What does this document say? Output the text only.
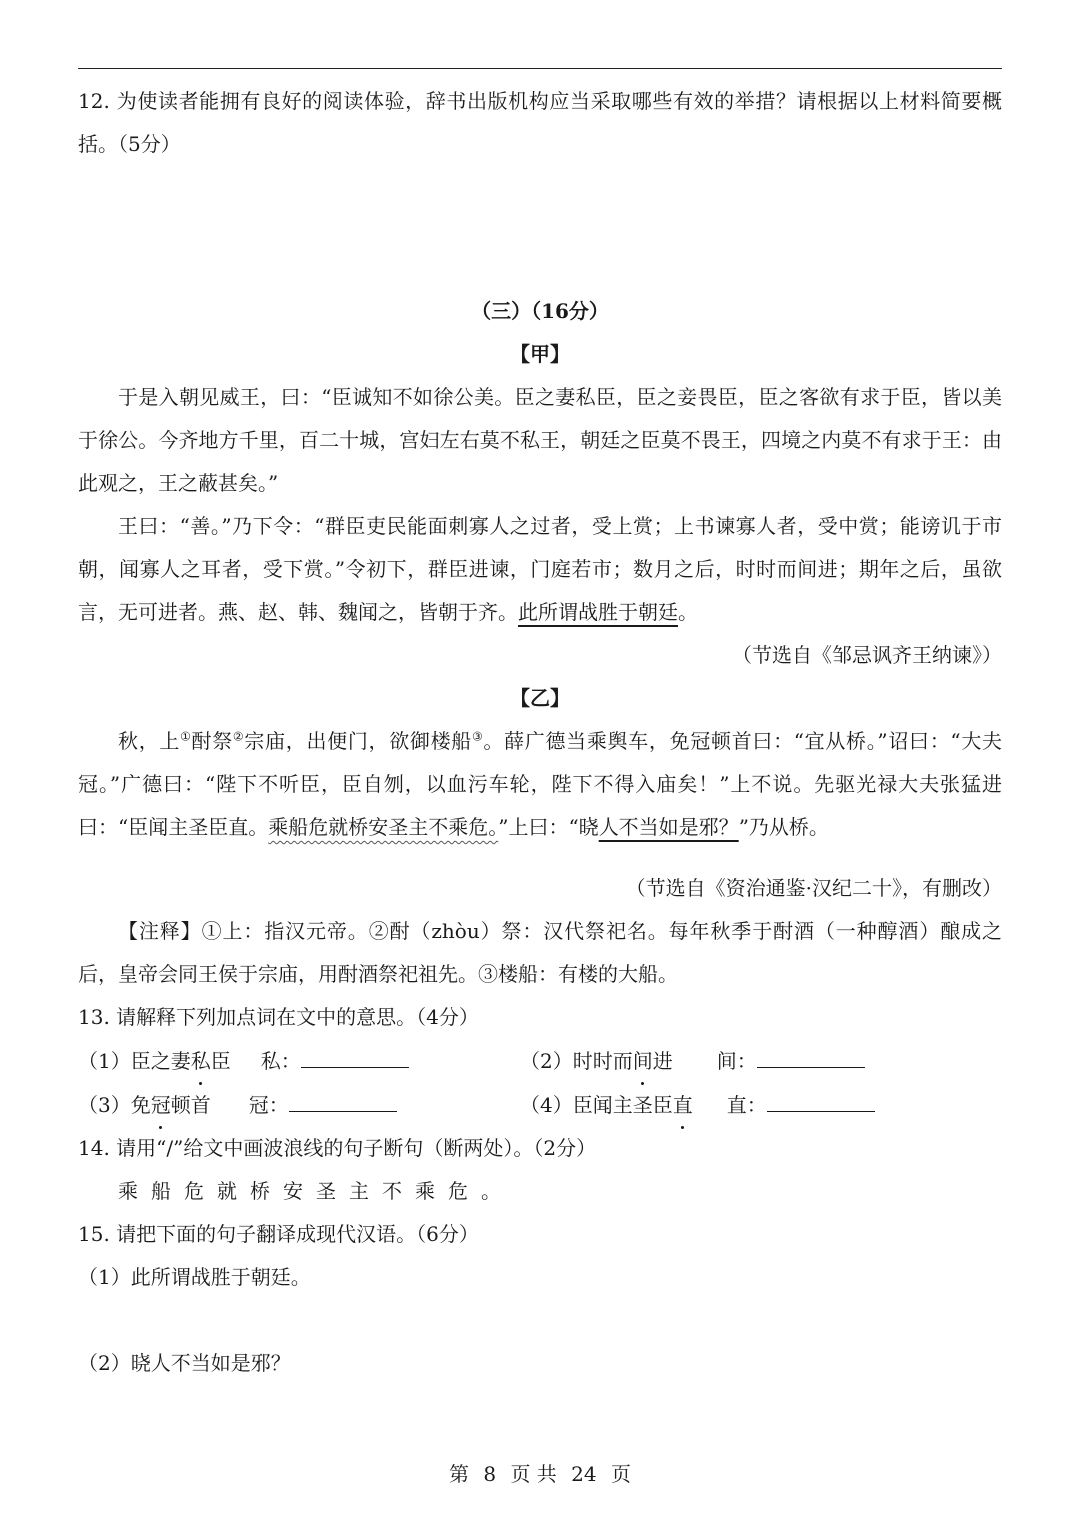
12. 为使读者能拥有良好的阅读体验，辞书出版机构应当采取哪些有效的举措？请根据以上材料简要概括。（5分）

（三）（16分）

【甲】

于是入朝见威王，曰：“臣诚知不如徐公美。臣之妻私臣，臣之妾畏臣，臣之客欲有求于臣，皆以美于徐公。今齐地方千里，百二十城，宫妇左右莫不私王，朝廷之臣莫不畏王，四境之内莫不有求于王：由此观之，王之蔽甚矣。”

王曰：“善。”乃下令：“群臣吏民能面刺寡人之过者，受上赏；上书谏寡人者，受中赏；能谤讥于市朝，闻寡人之耳者，受下赏。”令初下，群臣进谏，门庭若市；数月之后，时时而间进；期年之后，虽欲言，无可进者。燕、赵、韩、魏闻之，皆朝于齐。此所谓战胜于朝廷。

（节选自《邹忌讽齐王纳谏》）

【乙】

秋，上①酎祭②宗庙，出便门，欲御楼船③。薛广德当乘舆车，免冠顿首曰：“宜从桥。”诏曰：“大夫冠。”广德曰：“陛下不听臣，臣自刎，以血污车轮，陛下不得入庙矣！”上不说。先驱光禄大夫张猛进曰：“臣闻主圣臣直。乘船危就桥安圣主不乘危。”上曰：“晓人不当如是邪？”乃从桥。

（节选自《资治通鉴·汉纪二十》，有删改）

【注释】①上：指汉元帝。②酎（zhòu）祭：汉代祭祀名。每年秋季于酎酒（一种醇酒）酿成之后，皇帝会同王侯于宗庙，用酎酒祭祀祖先。③楼船：有楼的大船。

13. 请解释下列加点词在文中的意思。（4分）

（1）臣之妻 私 臣 私：	（2）时时而 间 进 间：
（3）免 冠 顿首 冠：	（4）臣闻主圣臣 直 直：

14. 请用“/”给文中画波浪线的句子断句（断两处）。（2分）

乘船危就桥安圣主不乘危。

15. 请把下面的句子翻译成现代汉语。（6分）

（1）此所谓战胜于朝廷。

（2）晓人不当如是邪？

第 8 页 共 24 页
